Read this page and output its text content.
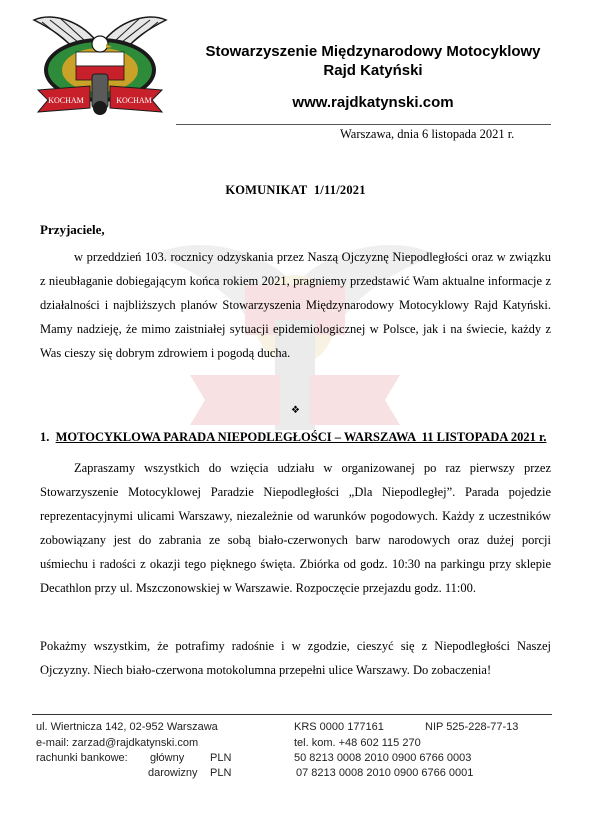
KOCHAM	KOCHAM
Stowarzyszenie Międzynarodowy Motocyklowy
Rajd Katyński
www.rajdkatynski.com
Warszawa, dnia 6 listopada 2021 r.
KOMUNIKAT  1/11/2021
Przyjaciele,
w przeddzień 103. rocznicy odzyskania przez Naszą Ojczyznę Niepodległości oraz w związku z nieubłaganie dobiegającym końca rokiem 2021, pragniemy przedstawić Wam aktualne informacje z działalności i najbliższych planów Stowarzyszenia Międzynarodowy Motocyklowy Rajd Katyński. Mamy nadzieję, że mimo zaistniałej sytuacji epidemiologicznej w Polsce, jak i na świecie, każdy z Was cieszy się dobrym zdrowiem i pogodą ducha.
❖
1. MOTOCYKLOWA PARADA NIEPODLEGŁOŚCI – WARSZAWA  11 LISTOPADA 2021 r.
Zapraszamy wszystkich do wzięcia udziału w organizowanej po raz pierwszy przez Stowarzyszenie Motocyklowej Paradzie Niepodległości „Dla Niepodległej”. Parada pojedzie reprezentacyjnymi ulicami Warszawy, niezależnie od warunków pogodowych. Każdy z uczestników zobowiązany jest do zabrania ze sobą biało-czerwonych barw narodowych oraz dużej porcji uśmiechu i radości z okazji tego pięknego święta. Zbiórka od godz. 10:30 na parkingu przy sklepie Decathlon przy ul. Mszczonowskiej w Warszawie. Rozpoczęcie przejazdu godz. 11:00.
Pokażmy wszystkim, że potrafimy radośnie i w zgodzie, cieszyć się z Niepodległości Naszej Ojczyzny. Niech biało-czerwona motokolumna przepełni ulice Warszawy. Do zobaczenia!
ul. Wiertnicza 142, 02-952 Warszawa
e-mail: zarzad@rajdkatynski.com
rachunki bankowe: główny PLN
darowizny PLN
KRS 0000 177161	NIP 525-228-77-13
tel. kom. +48 602 115 270
50 8213 0008 2010 0900 6766 0003
07 8213 0008 2010 0900 6766 0001
